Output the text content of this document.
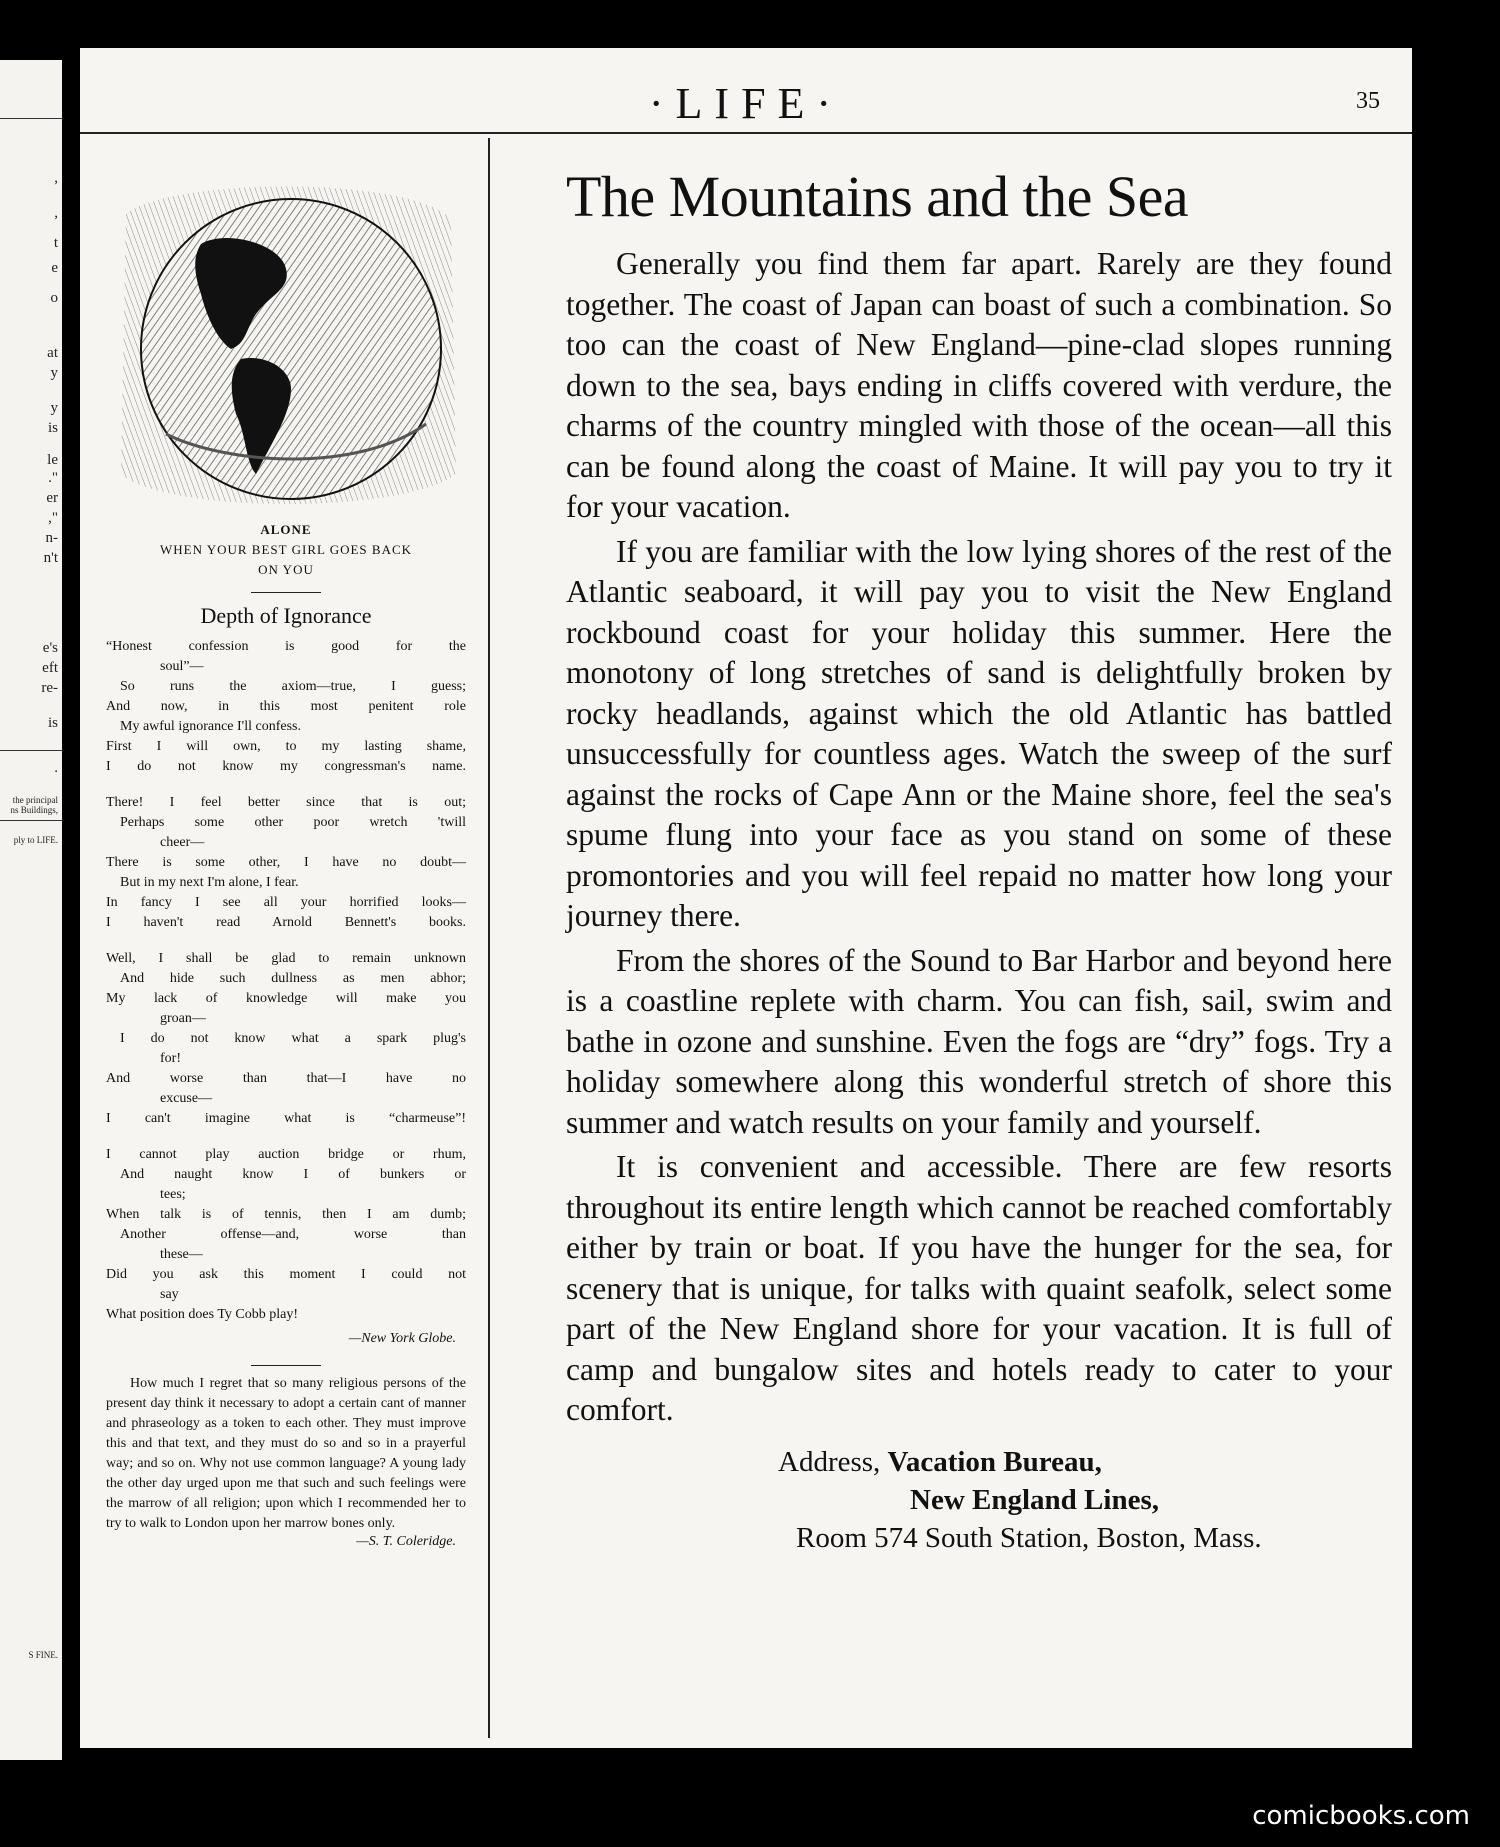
,
,
t
e
o
at
y
y
is
le
."
er
,"
n-
n't
e's
eft
re-
is
.
the principal
ns Buildings,
ply to LIFE.
S FINE.
·LIFE·	35
ALONE
WHEN YOUR BEST GIRL GOES BACK
ON YOU
Depth of Ignorance
“Honest confession is good for the
soul”—
So runs the axiom—true, I guess;
And now, in this most penitent role
My awful ignorance I'll confess.
First I will own, to my lasting shame,
I do not know my congressman's name.
There! I feel better since that is out;
Perhaps some other poor wretch 'twill
cheer—
There is some other, I have no doubt—
But in my next I'm alone, I fear.
In fancy I see all your horrified looks—
I haven't read Arnold Bennett's books.
Well, I shall be glad to remain unknown
And hide such dullness as men abhor;
My lack of knowledge will make you
groan—
I do not know what a spark plug's
for!
And worse than that—I have no
excuse—
I can't imagine what is “charmeuse”!
I cannot play auction bridge or rhum,
And naught know I of bunkers or
tees;
When talk is of tennis, then I am dumb;
Another offense—and, worse than
these—
Did you ask this moment I could not
say
What position does Ty Cobb play!
—New York Globe.
How much I regret that so many religious persons of the present day think it necessary to adopt a certain cant of manner and phraseology as a token to each other. They must improve this and that text, and they must do so and so in a prayerful way; and so on. Why not use common language? A young lady the other day urged upon me that such and such feelings were the marrow of all religion; upon which I recommended her to try to walk to London upon her marrow bones only.
—S. T. Coleridge.
The Mountains and the Sea

Generally you find them far apart. Rarely are they found together. The coast of Japan can boast of such a combination. So too can the coast of New England—pine-clad slopes running down to the sea, bays ending in cliffs covered with verdure, the charms of the country mingled with those of the ocean—all this can be found along the coast of Maine. It will pay you to try it for your vacation.

If you are familiar with the low lying shores of the rest of the Atlantic seaboard, it will pay you to visit the New England rockbound coast for your holiday this summer. Here the monotony of long stretches of sand is delightfully broken by rocky headlands, against which the old Atlantic has battled unsuccessfully for countless ages. Watch the sweep of the surf against the rocks of Cape Ann or the Maine shore, feel the sea's spume flung into your face as you stand on some of these promontories and you will feel repaid no matter how long your journey there.

From the shores of the Sound to Bar Harbor and beyond here is a coastline replete with charm. You can fish, sail, swim and bathe in ozone and sunshine. Even the fogs are “dry” fogs. Try a holiday somewhere along this wonderful stretch of shore this summer and watch results on your family and yourself.

It is convenient and accessible. There are few resorts throughout its entire length which cannot be reached comfortably either by train or boat. If you have the hunger for the sea, for scenery that is unique, for talks with quaint seafolk, select some part of the New England shore for your vacation. It is full of camp and bungalow sites and hotels ready to cater to your comfort.

Address, Vacation Bureau,
New England Lines,
Room 574 South Station, Boston, Mass.
comicbooks.com
